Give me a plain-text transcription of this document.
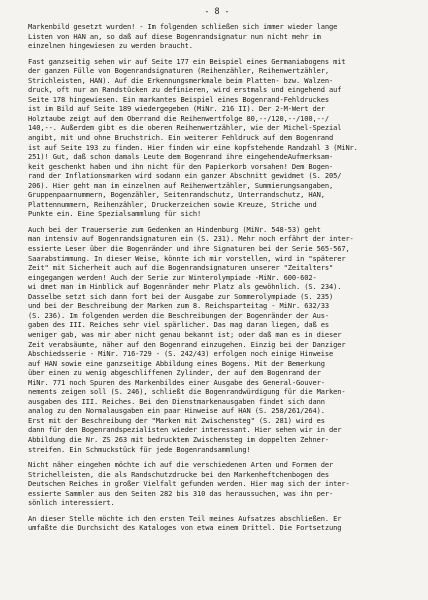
- 8 -
Markenbild gesetzt wurden! - Im folgenden schließen sich immer wieder lange
Listen von HAN an, so daß auf diese Bogenrandsignatur nun nicht mehr im
einzelnen hingewiesen zu werden braucht.
Fast ganzseitig sehen wir auf Seite 177 ein Beispiel eines Germaniabogens mit
der ganzen Fülle von Bogenrandsignaturen (Reihenzähler, Reihenwertzähler,
Strichleisten, HAN). Auf die Erkennungsmerkmale beim Platten- bzw. Walzen-
druck, oft nur an Randstücken zu definieren, wird erstmals und eingehend auf
Seite 178 hingewiesen. Ein markantes Beispiel eines Bogenrand-Fehldruckes
ist im Bild auf Seite 189 wiedergegeben (MiNr. 216 II). Der 2-M-Wert der
Holztaube zeigt auf dem Oberrand die Reihenwertfolge 80,--/120,--/100,--/
140,--. Außerdem gibt es die oberen Reihenwertzähler, wie der Michel-Spezial
angibt, mit und ohne Bruchstrich. Ein weiterer Fehldruck auf dem Bogenrand
ist auf Seite 193 zu finden. Hier finden wir eine kopfstehende Randzahl 3 (MiNr.
251)! Gut, daß schon damals Leute dem Bogenrand ihre eingehendeAufmerksam-
keit geschenkt haben und ihn nicht für den Papierkorb vorsahen! Dem Bogen-
rand der Inflationsmarken wird sodann ein ganzer Abschnitt gewidmet (S. 205/
206). Hier geht man im einzelnen auf Reihenwertzähler, Summierungsangaben,
Gruppenpaarnummern, Bogenzähler, Seitenrandschutz, Unterrandschutz, HAN,
Plattennummern, Reihenzähler, Druckerzeichen sowie Kreuze, Striche und
Punkte ein. Eine Spezialsammlung für sich!
Auch bei der Trauerserie zum Gedenken an Hindenburg (MiNr. 548-53) geht
man intensiv auf Bogenrandsignaturen ein (S. 231). Mehr noch erfährt der inter-
essierte Leser über die Bogenränder und ihre Signaturen bei der Serie 565-567,
Saarabstimmung. In dieser Weise, könnte ich mir vorstellen, wird in "späterer
Zeit" mit Sicherheit auch auf die Bogenrandsignaturen unserer "Zeitalters"
eingegangen werden! Auch der Serie zur Winterolympiade -MiNr. 600-602-
wi dmet man im Hinblick auf Bogenränder mehr Platz als gewöhnlich. (S. 234).
Dasselbe setzt sich dann fort bei der Ausgabe zur Sommerolympiade (S. 235)
und bei der Beschreibung der Marken zum 8. Reichsparteitag - MiNr. 632/33
(S. 236). Im folgenden werden die Beschreibungen der Bogenränder der Aus-
gaben des III. Reiches sehr viel spärlicher. Das mag daran liegen, daß es
weniger gab, was mir aber nicht genau bekannt ist; oder daß man es in dieser
Zeit verabsäumte, näher auf den Bogenrand einzugehen. Einzig bei der Danziger
Abschiedsserie - MiNr. 716-729 - (S. 242/43) erfolgen noch einige Hinweise
auf HAN sowie eine ganzseitige Abbildung eines Bogens. Mit der Bemerkung
über einen zu wenig abgeschliffenen Zylinder, der auf dem Bogenrand der
MiNr. 771 noch Spuren des Markenbildes einer Ausgabe des General-Gouver-
nements zeigen soll (S. 246), schließt die Bogenrandwürdigung für die Marken-
ausgaben des III. Reiches. Bei den Dienstmarkenausgaben findet sich dann
analog zu den Normalausgaben ein paar Hinweise auf HAN (S. 258/261/264).
Erst mit der Beschreibung der "Marken mit Zwischensteg" (S. 281) wird es
dann für den Bogenrandspezialisten wieder interessant. Hier sehen wir in der
Abbildung die Nr. ZS 263 mit bedrucktem Zwischensteg im doppelten Zehner-
streifen. Ein Schmuckstück für jede Bogenrandsammlung!
Nicht näher eingehen möchte ich auf die verschiedenen Arten und Formen der
Strichelleisten, die als Randschutzdrucke bei den Markenheftchenbogen des
Deutschen Reiches in großer Vielfalt gefunden werden. Hier mag sich der inter-
essierte Sammler aus den Seiten 282 bis 310 das heraussuchen, was ihn per-
sönlich interessiert.
An dieser Stelle möchte ich den ersten Teil meines Aufsatzes abschließen. Er
umfaßte die Durchsicht des Kataloges von etwa einem Drittel. Die Fortsetzung
